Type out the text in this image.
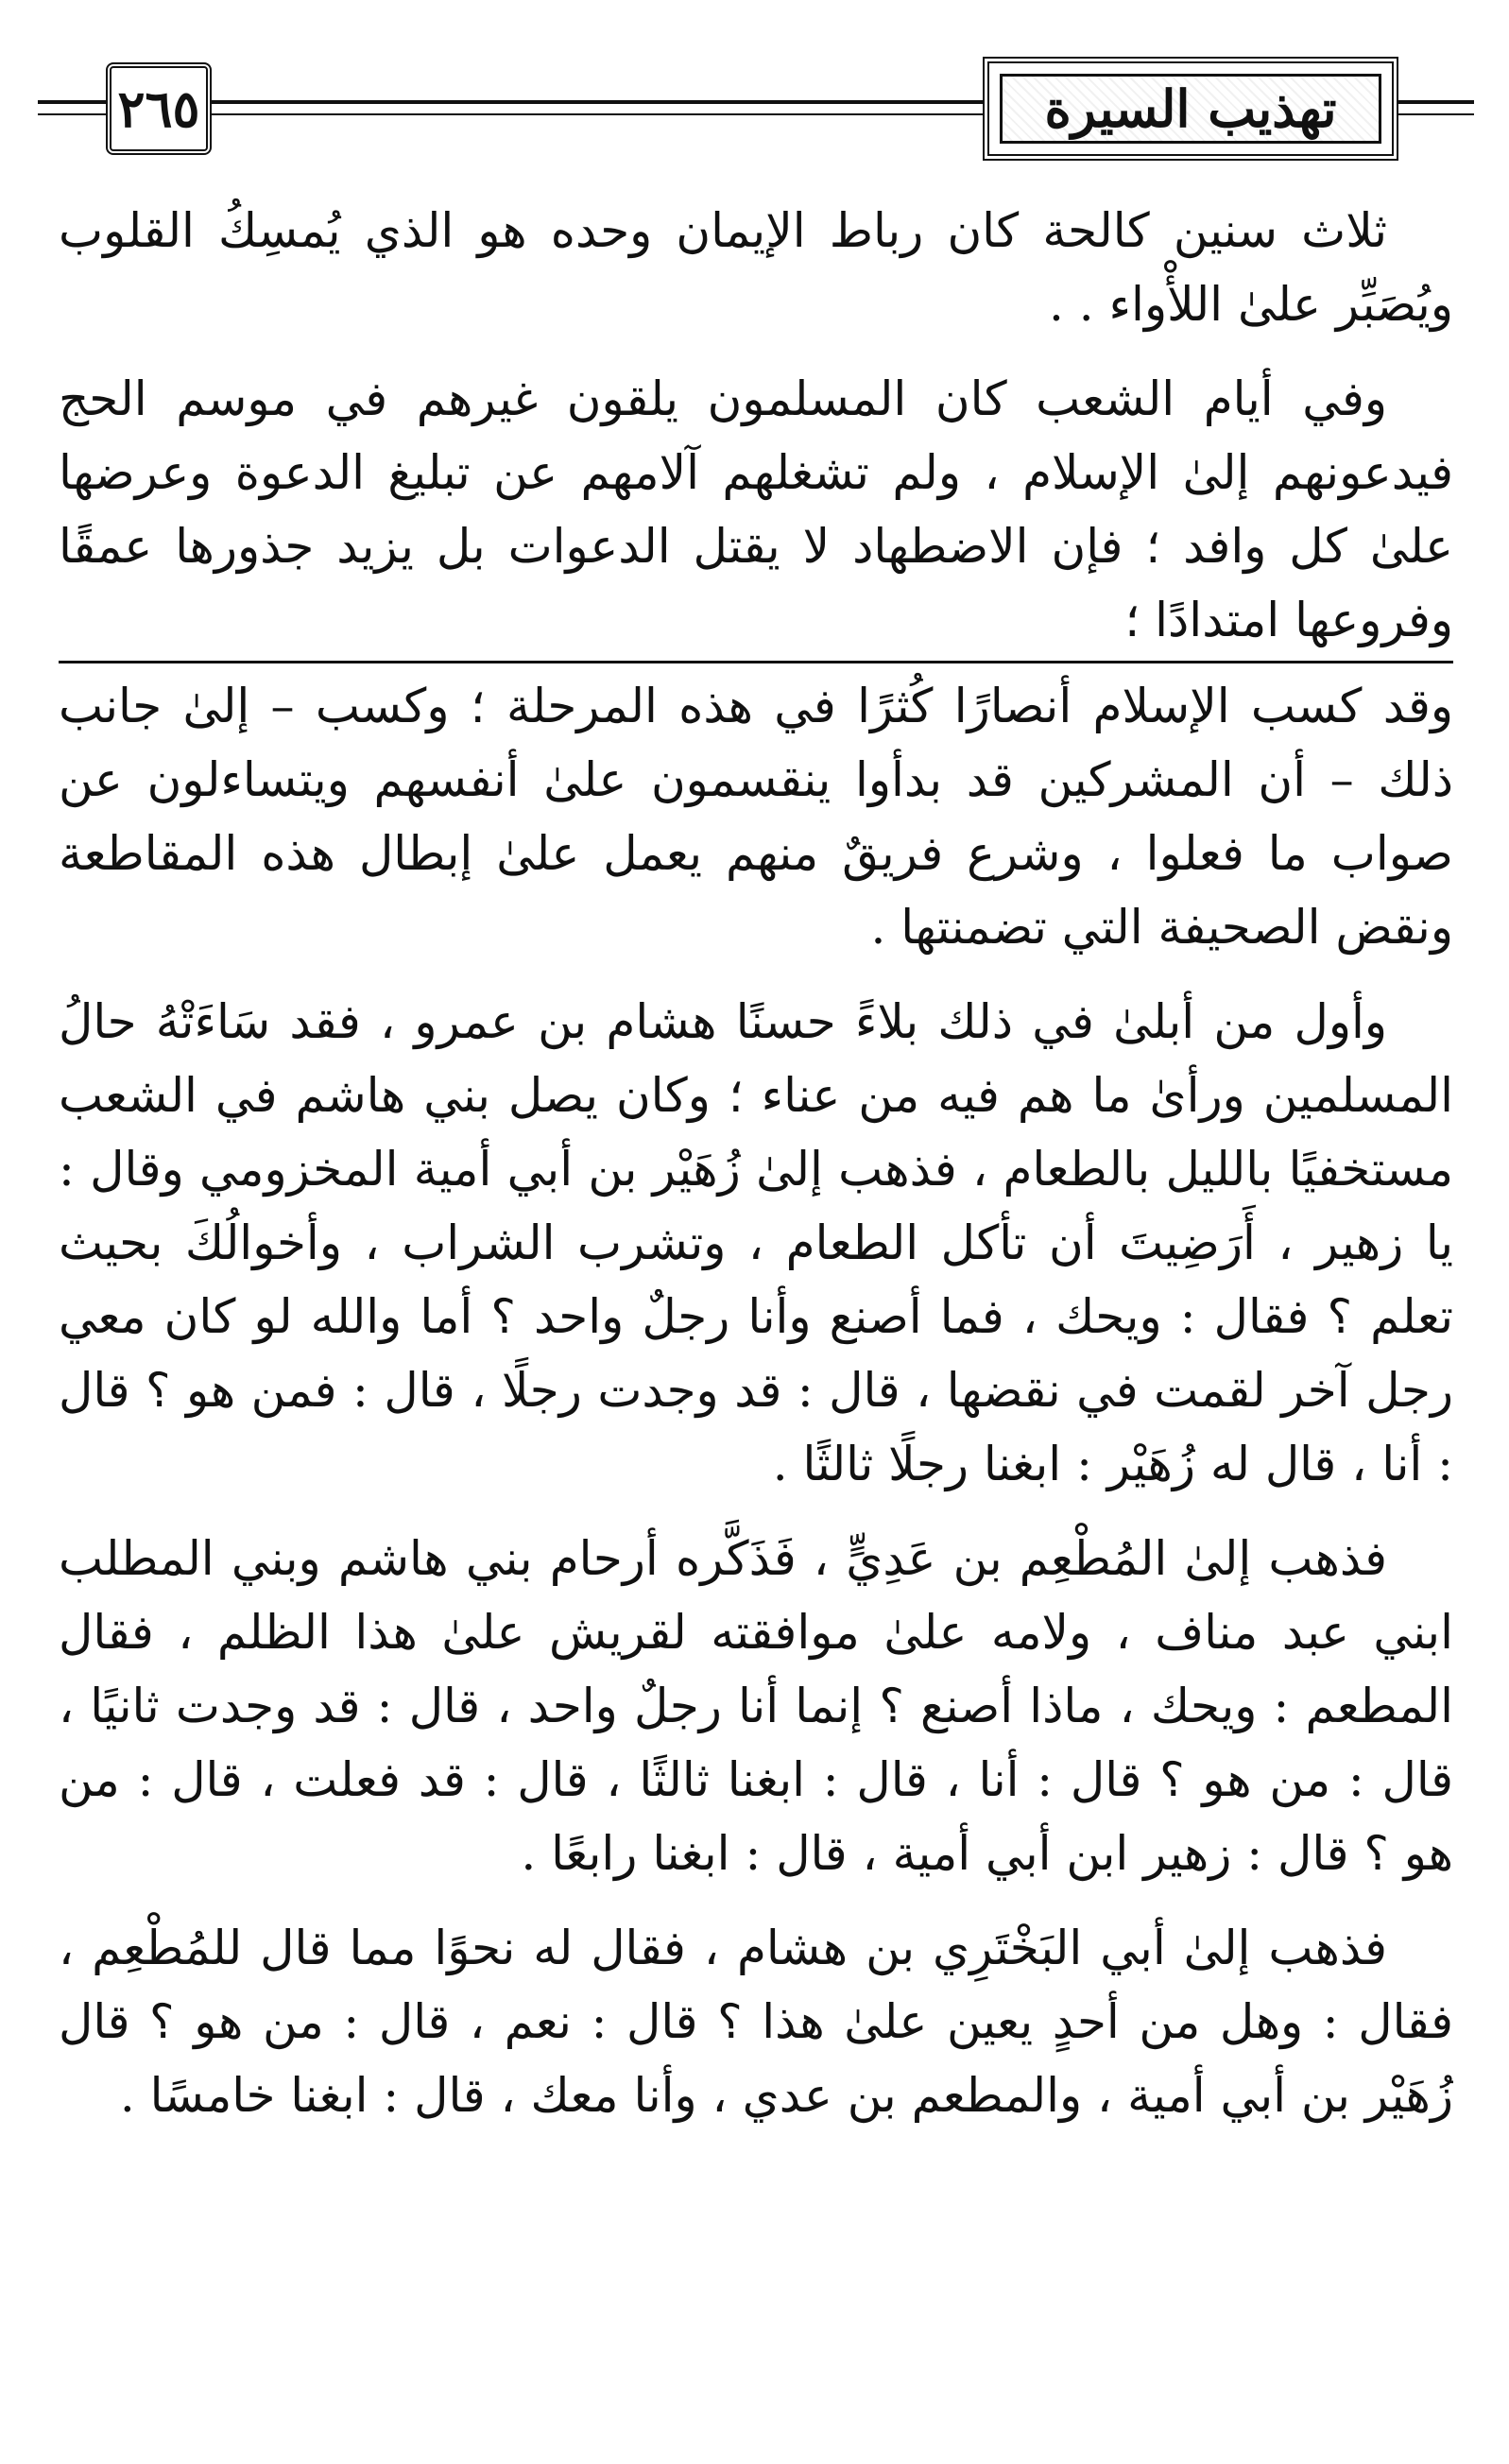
٢٦٥	تهذيب السيرة

ثلاث سنين كالحة كان رباط الإيمان وحده هو الذي يُمسِكُ القلوب ويُصَبِّر علىٰ اللأْواء . .

وفي أيام الشعب كان المسلمون يلقون غيرهم في موسم الحج فيدعونهم إلىٰ الإسلام ، ولم تشغلهم آلامهم عن تبليغ الدعوة وعرضها علىٰ كل وافد ؛ فإن الاضطهاد لا يقتل الدعوات بل يزيد جذورها عمقًا وفروعها امتدادًا ؛

وقد كسب الإسلام أنصارًا كُثرًا في هذه المرحلة ؛ وكسب – إلىٰ جانب ذلك – أن المشركين قد بدأوا ينقسمون علىٰ أنفسهم ويتساءلون عن صواب ما فعلوا ، وشرع فريقٌ منهم يعمل علىٰ إبطال هذه المقاطعة ونقض الصحيفة التي تضمنتها .

وأول من أبلىٰ في ذلك بلاءً حسنًا هشام بن عمرو ، فقد سَاءَتْهُ حالُ المسلمين ورأىٰ ما هم فيه من عناء ؛ وكان يصل بني هاشم في الشعب مستخفيًا بالليل بالطعام ، فذهب إلىٰ زُهَيْر بن أبي أمية المخزومي وقال : يا زهير ، أَرَضِيتَ أن تأكل الطعام ، وتشرب الشراب ، وأخوالُكَ بحيث تعلم ؟ فقال : ويحك ، فما أصنع وأنا رجلٌ واحد ؟ أما والله لو كان معي رجل آخر لقمت في نقضها ، قال : قد وجدت رجلًا ، قال : فمن هو ؟ قال : أنا ، قال له زُهَيْر : ابغنا رجلًا ثالثًا .

فذهب إلىٰ المُطْعِم بن عَدِيٍّ ، فَذَكَّره أرحام بني هاشم وبني المطلب ابني عبد مناف ، ولامه علىٰ موافقته لقريش علىٰ هذا الظلم ، فقال المطعم : ويحك ، ماذا أصنع ؟ إنما أنا رجلٌ واحد ، قال : قد وجدت ثانيًا ، قال : من هو ؟ قال : أنا ، قال : ابغنا ثالثًا ، قال : قد فعلت ، قال : من هو ؟ قال : زهير ابن أبي أمية ، قال : ابغنا رابعًا .

فذهب إلىٰ أبي البَخْتَرِي بن هشام ، فقال له نحوًا مما قال للمُطْعِم ، فقال : وهل من أحدٍ يعين علىٰ هذا ؟ قال : نعم ، قال : من هو ؟ قال زُهَيْر بن أبي أمية ، والمطعم بن عدي ، وأنا معك ، قال : ابغنا خامسًا .
